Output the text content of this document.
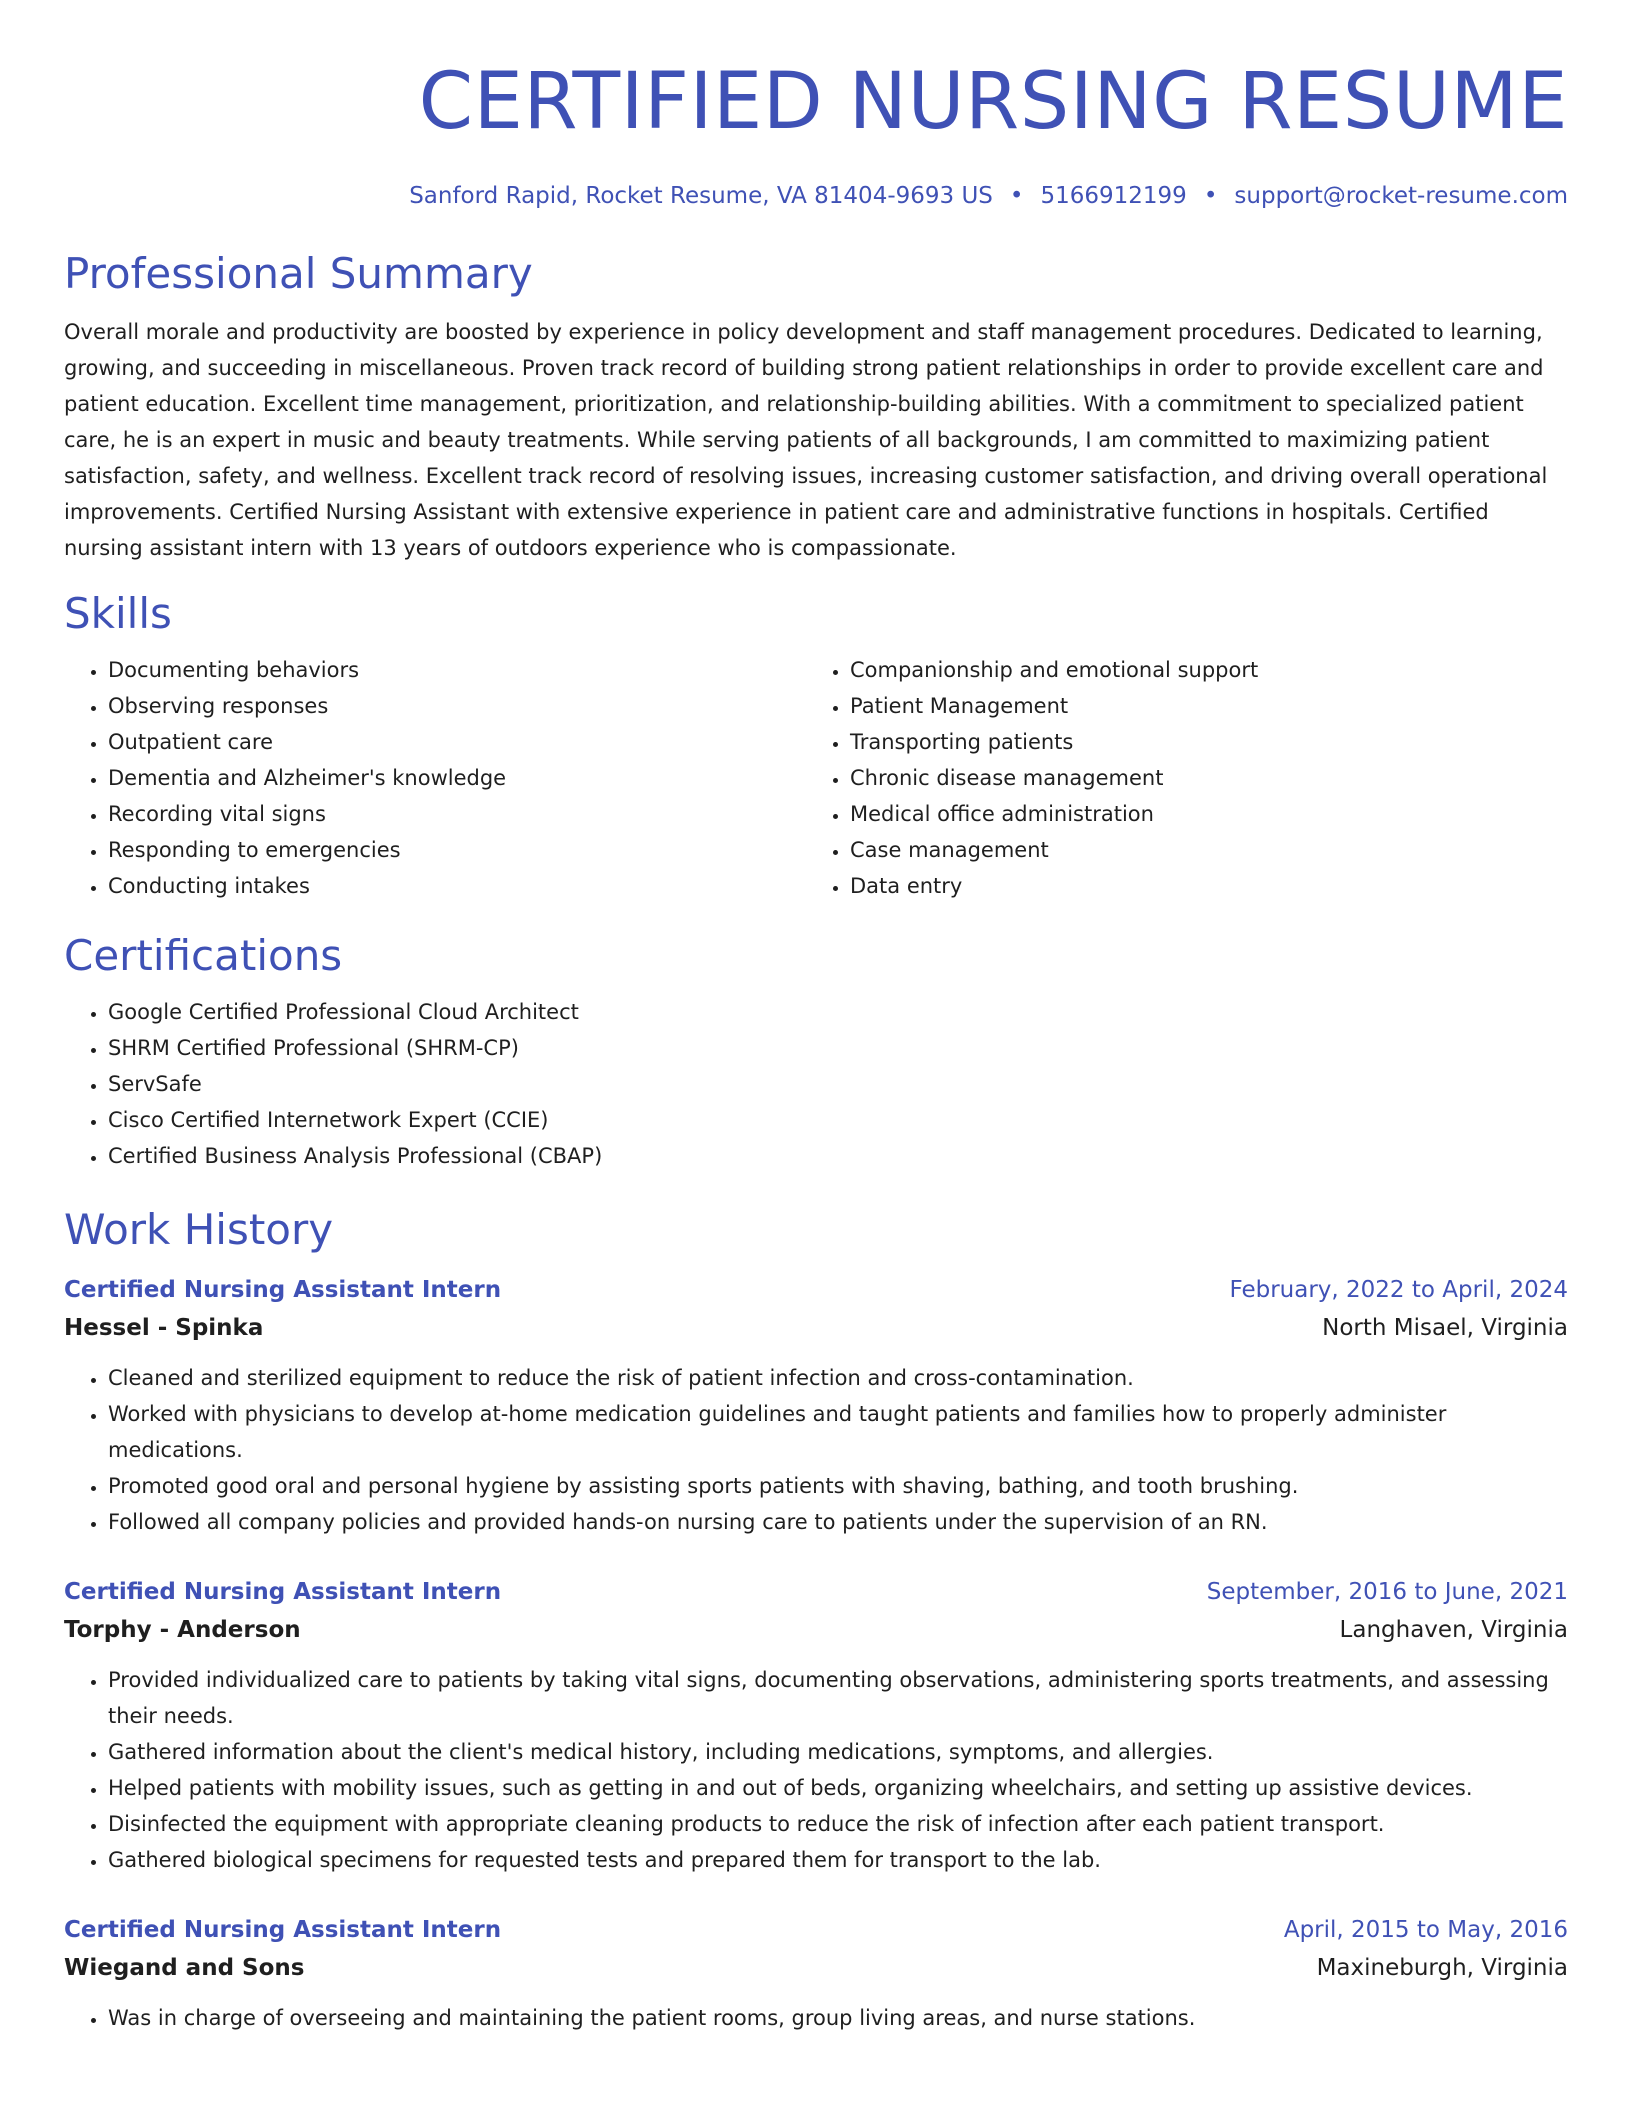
CERTIFIED NURSING RESUME
Sanford Rapid, Rocket Resume, VA 81404-9693 US • 5166912199 • support@rocket-resume.com
Professional Summary
Overall morale and productivity are boosted by experience in policy development and staff management procedures. Dedicated to learning, growing, and succeeding in miscellaneous. Proven track record of building strong patient relationships in order to provide excellent care and patient education. Excellent time management, prioritization, and relationship-building abilities. With a commitment to specialized patient care, he is an expert in music and beauty treatments. While serving patients of all backgrounds, I am committed to maximizing patient satisfaction, safety, and wellness. Excellent track record of resolving issues, increasing customer satisfaction, and driving overall operational improvements. Certified Nursing Assistant with extensive experience in patient care and administrative functions in hospitals. Certified nursing assistant intern with 13 years of outdoors experience who is compassionate.
Skills
• Documenting behaviors
• Observing responses
• Outpatient care
• Dementia and Alzheimer's knowledge
• Recording vital signs
• Responding to emergencies
• Conducting intakes
• Companionship and emotional support
• Patient Management
• Transporting patients
• Chronic disease management
• Medical office administration
• Case management
• Data entry
Certifications
• Google Certified Professional Cloud Architect
• SHRM Certified Professional (SHRM-CP)
• ServSafe
• Cisco Certified Internetwork Expert (CCIE)
• Certified Business Analysis Professional (CBAP)
Work History
Certified Nursing Assistant Intern	February, 2022 to April, 2024
Hessel - Spinka	North Misael, Virginia
• Cleaned and sterilized equipment to reduce the risk of patient infection and cross-contamination.
• Worked with physicians to develop at-home medication guidelines and taught patients and families how to properly administer medications.
• Promoted good oral and personal hygiene by assisting sports patients with shaving, bathing, and tooth brushing.
• Followed all company policies and provided hands-on nursing care to patients under the supervision of an RN.
Certified Nursing Assistant Intern	September, 2016 to June, 2021
Torphy - Anderson	Langhaven, Virginia
• Provided individualized care to patients by taking vital signs, documenting observations, administering sports treatments, and assessing their needs.
• Gathered information about the client's medical history, including medications, symptoms, and allergies.
• Helped patients with mobility issues, such as getting in and out of beds, organizing wheelchairs, and setting up assistive devices.
• Disinfected the equipment with appropriate cleaning products to reduce the risk of infection after each patient transport.
• Gathered biological specimens for requested tests and prepared them for transport to the lab.
Certified Nursing Assistant Intern	April, 2015 to May, 2016
Wiegand and Sons	Maxineburgh, Virginia
• Was in charge of overseeing and maintaining the patient rooms, group living areas, and nurse stations.
